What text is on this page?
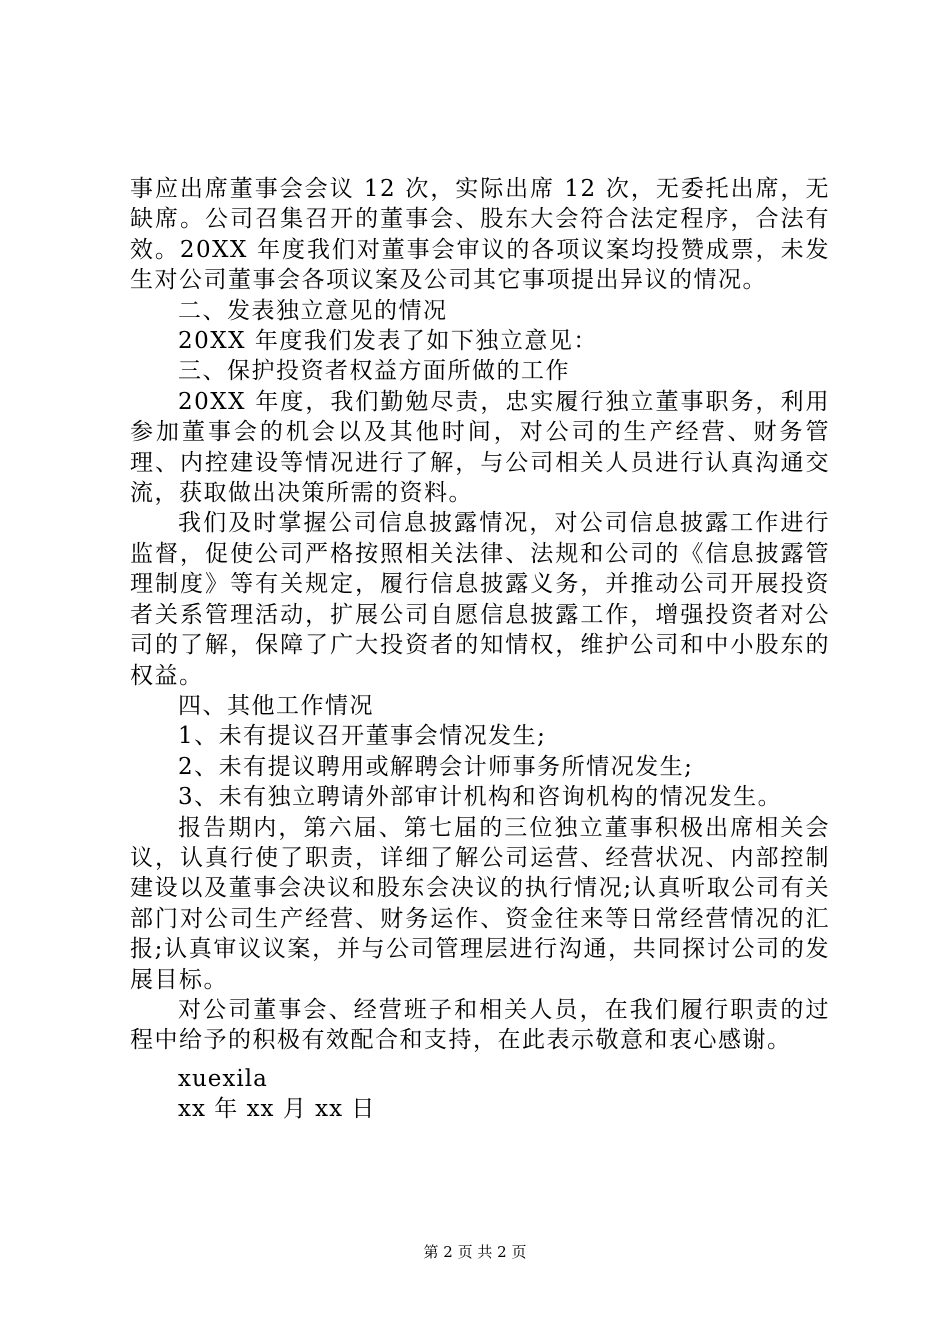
事应出席董事会会议 12 次，实际出席 12 次，无委托出席，无缺席。公司召集召开的董事会、股东大会符合法定程序，合法有效。20XX 年度我们对董事会审议的各项议案均投赞成票，未发生对公司董事会各项议案及公司其它事项提出异议的情况。

二、发表独立意见的情况

20XX 年度我们发表了如下独立意见：

三、保护投资者权益方面所做的工作

20XX 年度，我们勤勉尽责，忠实履行独立董事职务，利用参加董事会的机会以及其他时间，对公司的生产经营、财务管理、内控建设等情况进行了解，与公司相关人员进行认真沟通交流，获取做出决策所需的资料。

我们及时掌握公司信息披露情况，对公司信息披露工作进行监督，促使公司严格按照相关法律、法规和公司的《信息披露管理制度》等有关规定，履行信息披露义务，并推动公司开展投资者关系管理活动，扩展公司自愿信息披露工作，增强投资者对公司的了解，保障了广大投资者的知情权，维护公司和中小股东的权益。

四、其他工作情况

1、未有提议召开董事会情况发生;

2、未有提议聘用或解聘会计师事务所情况发生;

3、未有独立聘请外部审计机构和咨询机构的情况发生。

报告期内，第六届、第七届的三位独立董事积极出席相关会议，认真行使了职责，详细了解公司运营、经营状况、内部控制建设以及董事会决议和股东会决议的执行情况;认真听取公司有关部门对公司生产经营、财务运作、资金往来等日常经营情况的汇报;认真审议议案，并与公司管理层进行沟通，共同探讨公司的发展目标。

对公司董事会、经营班子和相关人员，在我们履行职责的过程中给予的积极有效配合和支持，在此表示敬意和衷心感谢。

xuexila
xx 年 xx 月 xx 日
第 2 页 共 2 页
